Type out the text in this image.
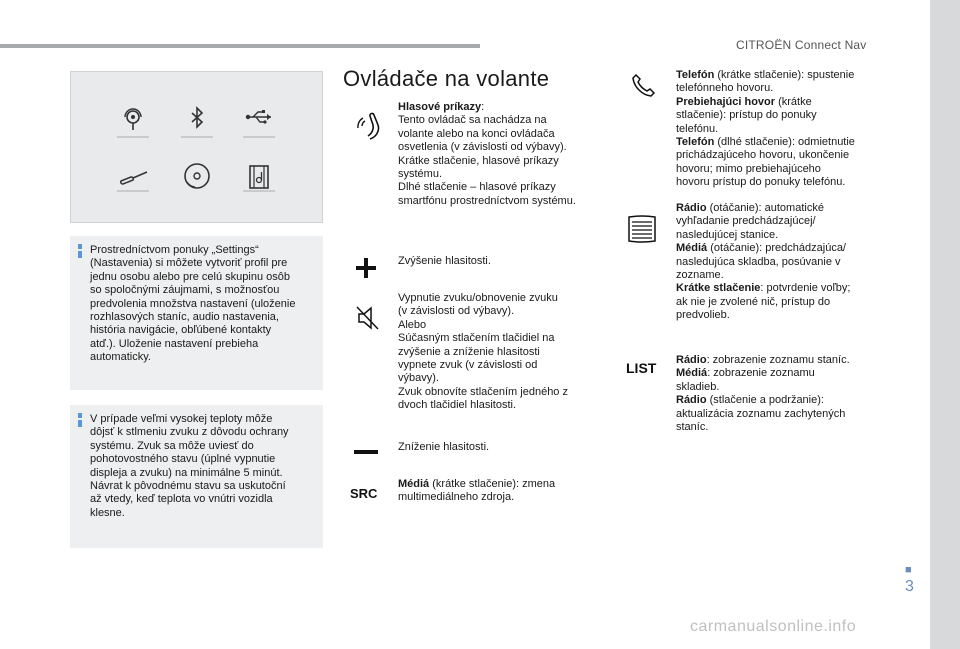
CITROËN Connect Nav
■
3
carmanualsonline.info
Prostredníctvom ponuky „Settings“
(Nastavenia) si môžete vytvoriť profil pre
jednu osobu alebo pre celú skupinu osôb
so spoločnými záujmami, s možnosťou
predvolenia množstva nastavení (uloženie
rozhlasových staníc, audio nastavenia,
história navigácie, obľúbené kontakty
atď.). Uloženie nastavení prebieha
automaticky.
V prípade veľmi vysokej teploty môže
dôjsť k stlmeniu zvuku z dôvodu ochrany
systému. Zvuk sa môže uviesť do
pohotovostného stavu (úplné vypnutie
displeja a zvuku) na minimálne 5 minút.
Návrat k pôvodnému stavu sa uskutoční
až vtedy, keď teplota vo vnútri vozidla
klesne.
Ovládače na volante
Hlasové príkazy:
Tento ovládač sa nachádza na
volante alebo na konci ovládača
osvetlenia (v závislosti od výbavy).
Krátke stlačenie, hlasové príkazy
systému.
Dlhé stlačenie – hlasové príkazy
smartfónu prostredníctvom systému.
Zvýšenie hlasitosti.
Vypnutie zvuku/obnovenie zvuku
(v závislosti od výbavy).
Alebo
Súčasným stlačením tlačidiel na
zvýšenie a zníženie hlasitosti
vypnete zvuk (v závislosti od
výbavy).
Zvuk obnovíte stlačením jedného z
dvoch tlačidiel hlasitosti.
Zníženie hlasitosti.
SRC
Médiá (krátke stlačenie): zmena
multimediálneho zdroja.
Telefón (krátke stlačenie): spustenie
telefónneho hovoru.
Prebiehajúci hovor (krátke
stlačenie): prístup do ponuky
telefónu.
Telefón (dlhé stlačenie): odmietnutie
prichádzajúceho hovoru, ukončenie
hovoru; mimo prebiehajúceho
hovoru prístup do ponuky telefónu.
Rádio (otáčanie): automatické
vyhľadanie predchádzajúcej/
nasledujúcej stanice.
Médiá (otáčanie): predchádzajúca/
nasledujúca skladba, posúvanie v
zozname.
Krátke stlačenie: potvrdenie voľby;
ak nie je zvolené nič, prístup do
predvolieb.
LIST Rádio: zobrazenie zoznamu staníc.
Médiá: zobrazenie zoznamu
skladieb.
Rádio (stlačenie a podržanie):
aktualizácia zoznamu zachytených
staníc.
